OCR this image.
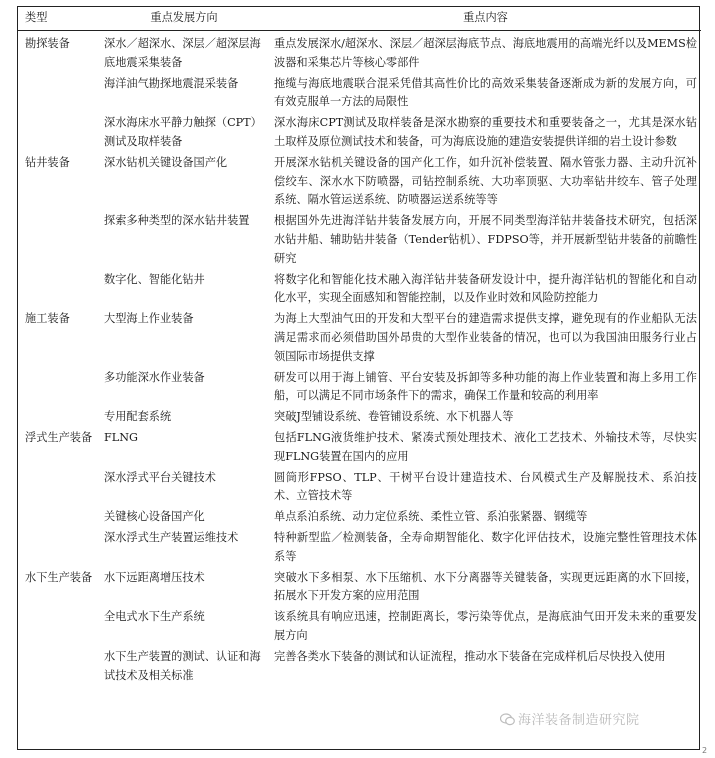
类型	重点发展方向	重点内容

勘探装备	深水／超深水、深层／超深层海底地震采集装备	重点发展深水/超深水、深层／超深层海底节点、海底地震用的高端光纤以及MEMS检波器和采集芯片等核心零部件
	海洋油气勘探地震混采装备	拖缆与海底地震联合混采凭借其高性价比的高效采集装备逐渐成为新的发展方向，可有效克服单一方法的局限性
	深水海床水平静力触探（CPT）测试及取样装备	深水海床CPT测试及取样装备是深水勘察的重要技术和重要装备之一，尤其是深水钻土取样及原位测试技术和装备，可为海底设施的建造安装提供详细的岩土设计参数
钻井装备	深水钻机关键设备国产化	开展深水钻机关键设备的国产化工作，如升沉补偿装置、隔水管张力器、主动升沉补偿绞车、深水水下防喷器，司钻控制系统、大功率顶驱、大功率钻井绞车、管子处理系统、隔水管运送系统、防喷器运送系统等等
	探索多种类型的深水钻井装置	根据国外先进海洋钻井装备发展方向，开展不同类型海洋钻井装备技术研究，包括深水钻井船、辅助钻井装备（Tender钻机）、FDPSO等，并开展新型钻井装备的前瞻性研究
	数字化、智能化钻井	将数字化和智能化技术融入海洋钻井装备研发设计中，提升海洋钻机的智能化和自动化水平，实现全面感知和智能控制，以及作业时效和风险防控能力
施工装备	大型海上作业装备	为海上大型油气田的开发和大型平台的建造需求提供支撑，避免现有的作业船队无法满足需求而必须借助国外昂贵的大型作业装备的情况，也可以为我国油田服务行业占领国际市场提供支撑
	多功能深水作业装备	研发可以用于海上铺管、平台安装及拆卸等多种功能的海上作业装置和海上多用工作船，可以满足不同市场条件下的需求，确保工作量和较高的利用率
	专用配套系统	突破J型铺设系统、卷管铺设系统、水下机器人等
浮式生产装备	FLNG	包括FLNG液货维护技术、紧凑式预处理技术、液化工艺技术、外输技术等，尽快实现FLNG装置在国内的应用
	深水浮式平台关键技术	圆筒形FPSO、TLP、干树平台设计建造技术、台风模式生产及解脱技术、系泊技术、立管技术等
	关键核心设备国产化	单点系泊系统、动力定位系统、柔性立管、系泊张紧器、钢缆等
	深水浮式生产装置运维技术	特种新型监／检测装备，全寿命期智能化、数字化评估技术，设施完整性管理技术体系等
水下生产装备	水下远距离增压技术	突破水下多相泵、水下压缩机、水下分离器等关键装备，实现更远距离的水下回接，拓展水下开发方案的应用范围
	全电式水下生产系统	该系统具有响应迅速，控制距离长，零污染等优点，是海底油气田开发未来的重要发展方向
	水下生产装置的测试、认证和海试技术及相关标准	完善各类水下装备的测试和认证流程，推动水下装备在完成样机后尽快投入使用
海洋装备制造研究院
2
